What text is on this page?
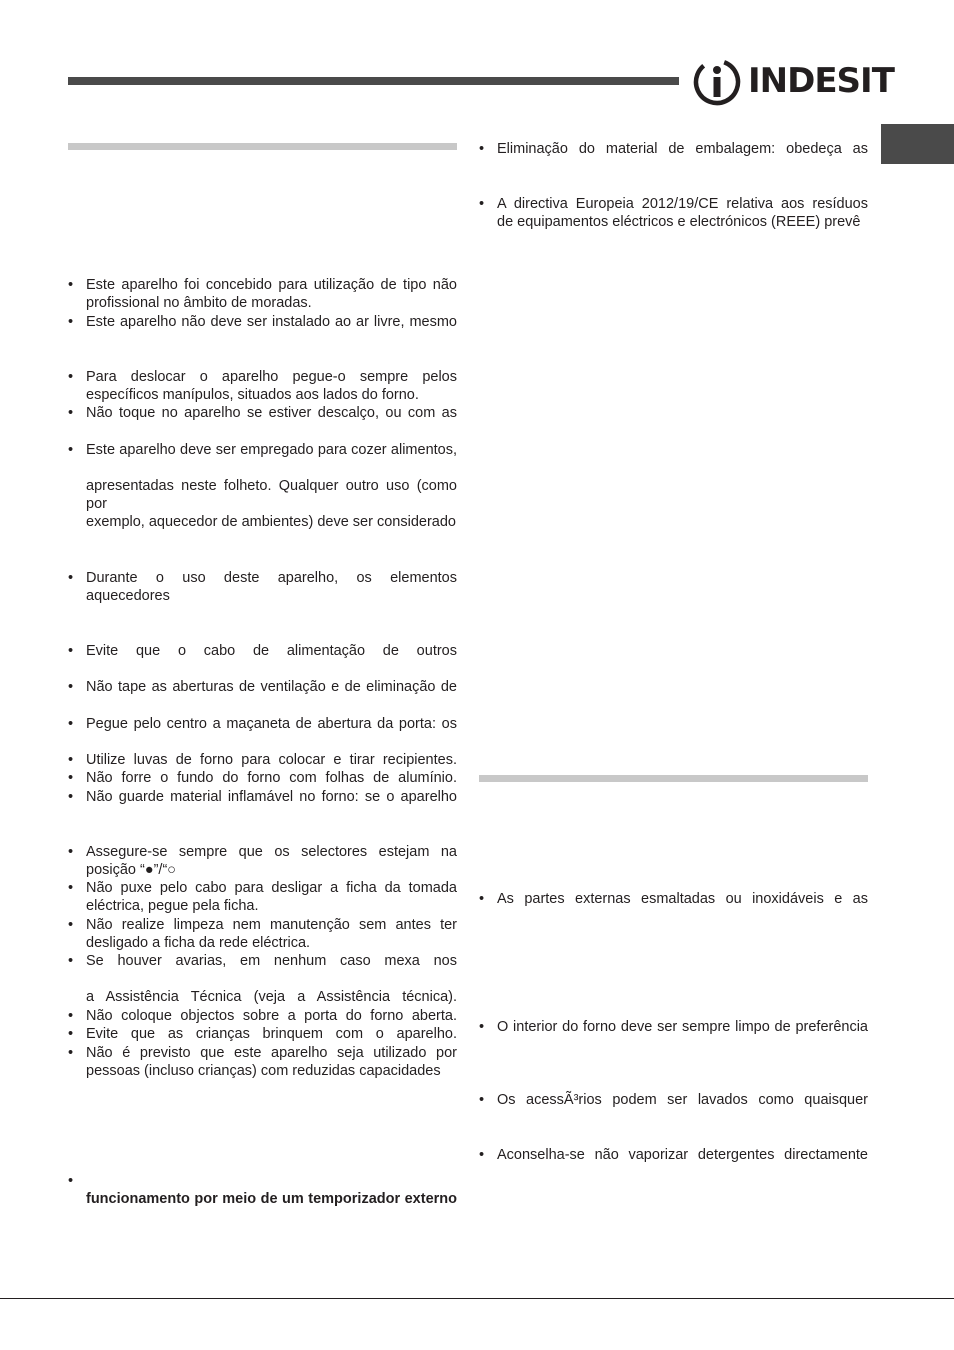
INDESIT
• Este aparelho foi concebido para utilização de tipo não
profissional no âmbito de moradas.
• Este aparelho não deve ser instalado ao ar livre, mesmo
• Para deslocar o aparelho pegue-o sempre pelos
específicos manípulos, situados aos lados do forno.
• Não toque no aparelho se estiver descalço, ou com as
• Este aparelho deve ser empregado para cozer alimentos,
apresentadas neste folheto. Qualquer outro uso (como por
exemplo, aquecedor de ambientes) deve ser considerado
• Durante o uso deste aparelho, os elementos aquecedores
• Evite que o cabo de alimentação de outros
• Não tape as aberturas de ventilação e de eliminação de
• Pegue pelo centro a maçaneta de abertura da porta: os
• Utilize luvas de forno para colocar e tirar recipientes.
• Não forre o fundo do forno com folhas de alumínio.
• Não guarde material inflamável no forno: se o aparelho
• Assegure-se sempre que os selectores estejam na
posição “●”/“○
• Não puxe pelo cabo para desligar a ficha da tomada
eléctrica, pegue pela ficha.
• Não realize limpeza nem manutenção sem antes ter
desligado a ficha da rede eléctrica.
• Se houver avarias, em nenhum caso mexa nos
a Assistência Técnica (veja a Assistência técnica).
• Não coloque objectos sobre a porta do forno aberta.
• Evite que as crianças brinquem com o aparelho.
• Não é previsto que este aparelho seja utilizado por
pessoas (incluso crianças) com reduzidas capacidades
•
funcionamento por meio de um temporizador externo
• Eliminação do material de embalagem: obedeça as
• A directiva Europeia 2012/19/CE relativa aos resíduos
de equipamentos eléctricos e electrónicos (REEE) prevê
• As partes externas esmaltadas ou inoxidáveis e as
• O interior do forno deve ser sempre limpo de preferência
• Os acessÃ³rios podem ser lavados como quaisquer
• Aconselha-se não vaporizar detergentes directamente
